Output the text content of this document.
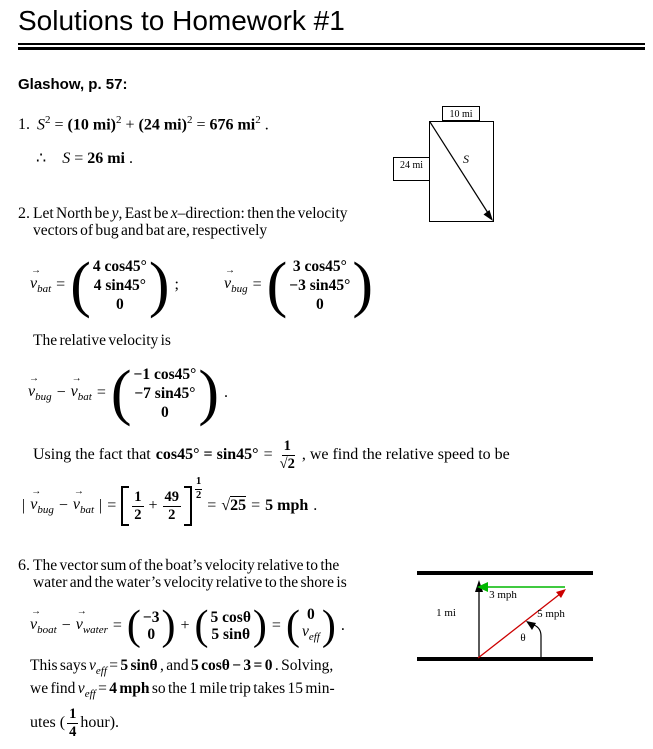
Solutions to Homework #1
Glashow, p. 57:
1. $S^2 = (10$ mi)$^2$ + (24 mi)$^2$ = 676 $mi^2$ .
∴ S = 26 mi .
10 mi
24 mi	S
2. Let North be y, East be x–direction: then the velocity
vectors of bug and bat are, respectively
→
$v_{bat}$ = ( 4 cos45°
4 sin45°
0 ) ;
→
$v_{bug}$ = ( 3 cos45°
−3 sin45°
0 )
The relative velocity is
→
$v_{bug}$ −
→
$v_{bat}$ = ( −1 cos45°
−7 sin45°
0 ) .
Using the fact that $\cos 45^\circ = \sin 45^\circ = \frac{1}{√2}$ , we find the relative speed to be
|
→
$v_{bug}$ −
→
$v_{bat}$ | = $\frac{1}{2} + \frac{49}{2} \frac{1}{2}$
= √25 = 5 mph .
6. The vector sum of the boat’s velocity relative to the
water and the water’s velocity relative to the shore is
→
$v_{boat}$ −
→
$v_{water}$ = ( −3
0 ) + ( 5 cosθ
5 sinθ ) = ( 0
$v_{eff}$ ) .
This says $v_{eff} = 5$ sinθ , and 5 cosθ − 3 = 0 . Solving,
we find $v_{eff} = 4$ mph so the 1 mile trip takes 15 min-
utes ( $\frac{1}{4}$ hour).
1 mi
3 mph
5 mph
θ
